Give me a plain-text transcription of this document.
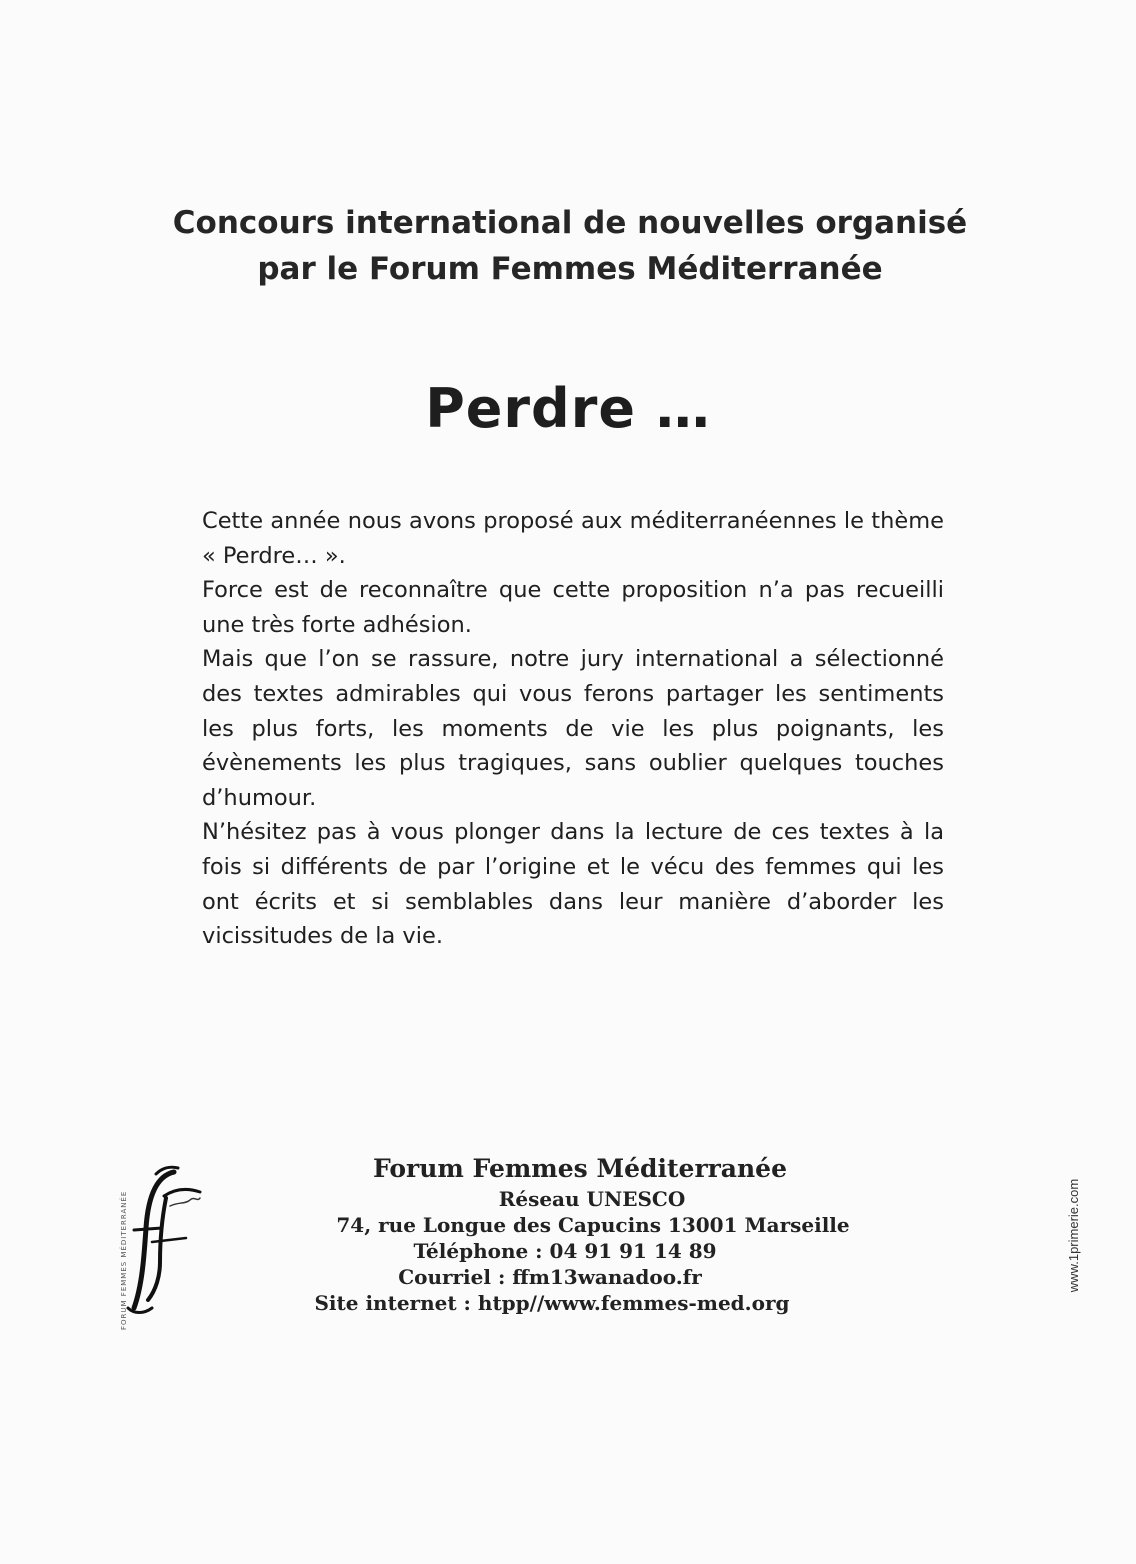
Concours international de nouvelles organisé
par le Forum Femmes Méditerranée
Perdre …

Cette année nous avons proposé aux méditerranéennes le thème « Perdre… ».

Force est de reconnaître que cette proposition n’a pas recueilli une très forte adhésion.

Mais que l’on se rassure, notre jury international a sélectionné des textes admirables qui vous ferons partager les sentiments les plus forts, les moments de vie les plus poignants, les évènements les plus tragiques, sans oublier quelques touches d’humour.

N’hésitez pas à vous plonger dans la lecture de ces textes à la fois si différents de par l’origine et le vécu des femmes qui les ont écrits et si semblables dans leur manière d’aborder les vicissitudes de la vie.

FORUM FEMMES MÉDITERRANÉE
Forum Femmes Méditerranée
Réseau UNESCO
74, rue Longue des Capucins 13001 Marseille
Téléphone : 04 91 91 14 89
Courriel : ffm13wanadoo.fr
Site internet : htpp//www.femmes-med.org
www.1primerie.com
